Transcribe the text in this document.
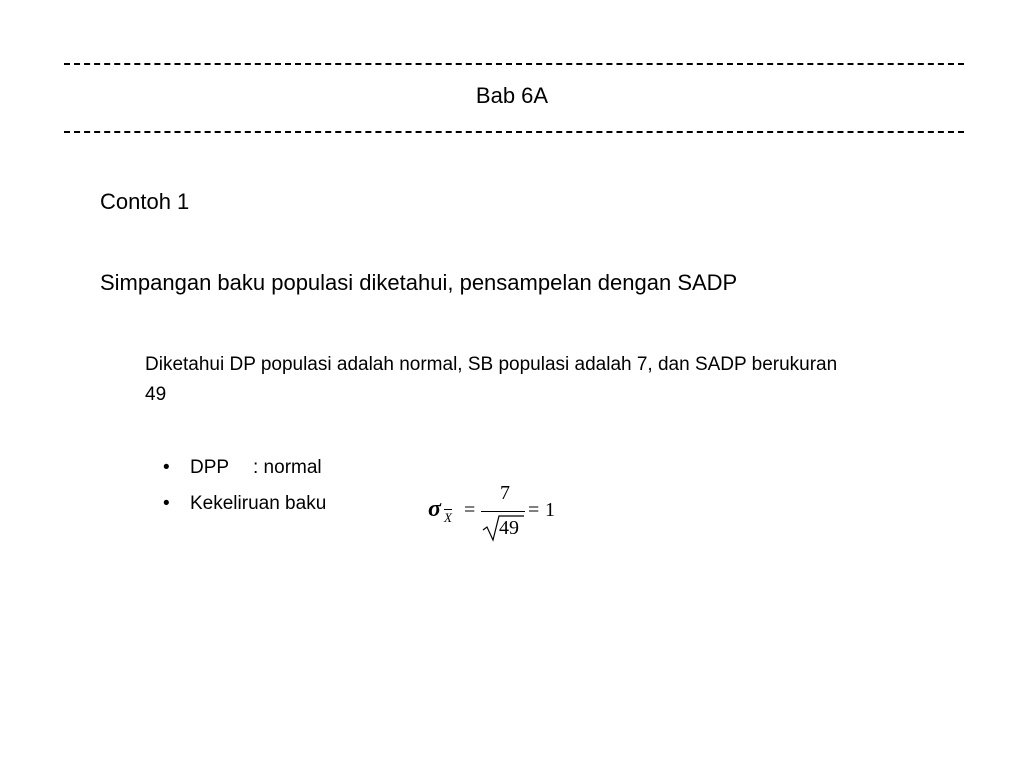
Bab 6A
Contoh 1
Simpangan baku populasi diketahui, pensampelan dengan SADP
Diketahui DP populasi adalah normal, SB populasi adalah 7, dan SADP berukuran 49
• DPP : normal
• Kekeliruan baku	σ $\overline{X}$ =
7
49
= 1
